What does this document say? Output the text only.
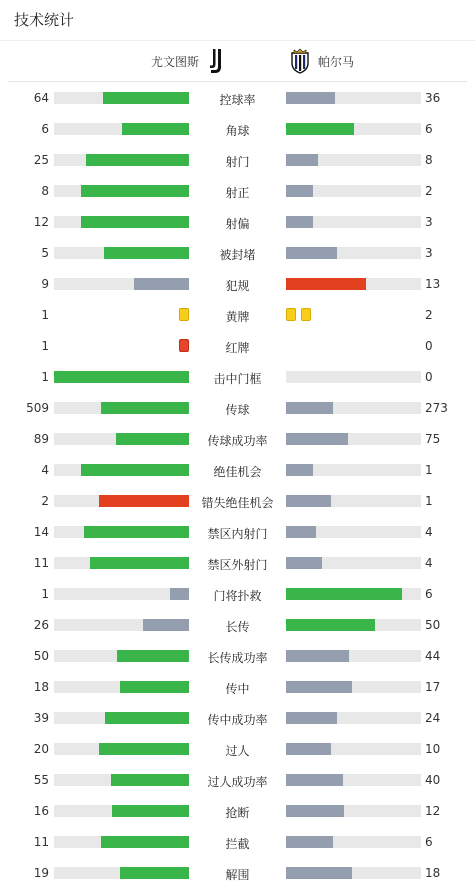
技术统计
尤文图斯	帕尔马
64	控球率	36
6	角球	6
25	射门	8
8	射正	2
12	射偏	3
5	被封堵	3
9	犯规	13
1	黄牌	2
1	红牌	0
1	击中门框	0
509	传球	273
89	传球成功率	75
4	绝佳机会	1
2	错失绝佳机会	1
14	禁区内射门	4
11	禁区外射门	4
1	门将扑救	6
26	长传	50
50	长传成功率	44
18	传中	17
39	传中成功率	24
20	过人	10
55	过人成功率	40
16	抢断	12
11	拦截	6
19	解围	18
